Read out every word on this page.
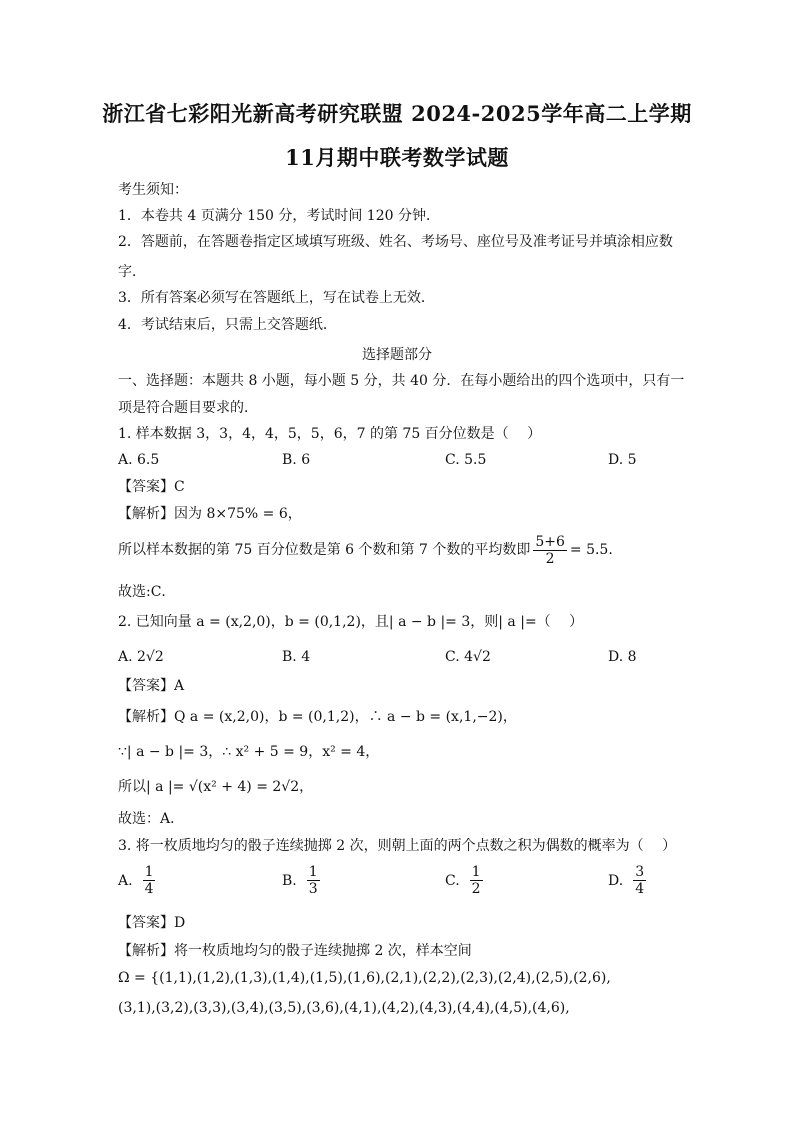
浙江省七彩阳光新高考研究联盟 2024-2025学年高二上学期
11月期中联考数学试题
考生须知：
1．本卷共 4 页满分 150 分，考试时间 120 分钟．
2．答题前，在答题卷指定区域填写班级、姓名、考场号、座位号及准考证号并填涂相应数
字．
3．所有答案必须写在答题纸上，写在试卷上无效．
4．考试结束后，只需上交答题纸．
选择题部分
一、选择题：本题共 8 小题，每小题 5 分，共 40 分．在每小题给出的四个选项中，只有一
项是符合题目要求的．
1. 样本数据 3，3，4，4，5，5，6，7 的第 75 百分位数是（　 ）
A. 6.5	B. 6	C. 5.5	D. 5
【答案】C
【解析】因为 8×75% = 6，
所以样本数据的第 75 百分位数是第 6 个数和第 7 个数的平均数即 $\frac{5+6}{2} = 5.5$.
故选:C．
2. 已知向量 a = (x,2,0)，b = (0,1,2)，且| a − b |= 3，则| a |=（　 ）
A. 2√2	B. 4	C. 4√2	D. 8
【答案】A
【解析】Q a = (x,2,0)，b = (0,1,2)，∴ a − b = (x,1,−2)，
∵| a − b |= 3，∴ x² + 5 = 9，x² = 4，
所以| a |= √(x² + 4) = 2√2，
故选：A．
3. 将一枚质地均匀的骰子连续抛掷 2 次，则朝上面的两个点数之积为偶数的概率为（　 ）
A. $\frac{1}{4}$	B. $\frac{1}{3}$	C. $\frac{1}{2}$	D. $\frac{3}{4}$
【答案】D
【解析】将一枚质地均匀的骰子连续抛掷 2 次，样本空间
Ω = {(1,1),(1,2),(1,3),(1,4),(1,5),(1,6),(2,1),(2,2),(2,3),(2,4),(2,5),(2,6),
(3,1),(3,2),(3,3),(3,4),(3,5),(3,6),(4,1),(4,2),(4,3),(4,4),(4,5),(4,6),
